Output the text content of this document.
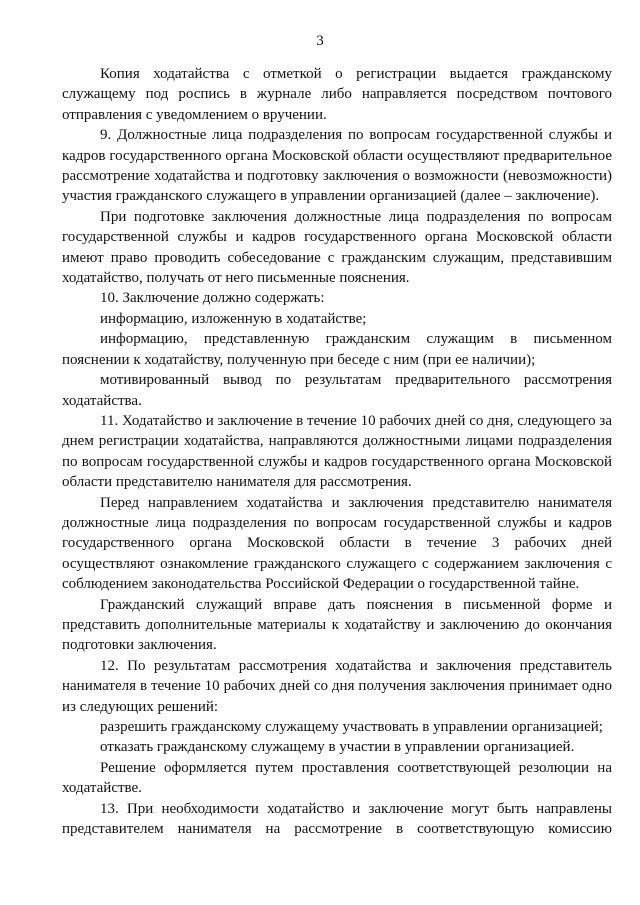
3

Копия ходатайства с отметкой о регистрации выдается гражданскому служащему под роспись в журнале либо направляется посредством почтового отправления с уведомлением о вручении.

9. Должностные лица подразделения по вопросам государственной службы и кадров государственного органа Московской области осуществляют предварительное рассмотрение ходатайства и подготовку заключения о возможности (невозможности) участия гражданского служащего в управлении организацией (далее – заключение).

При подготовке заключения должностные лица подразделения по вопросам государственной службы и кадров государственного органа Московской области имеют право проводить собеседование с гражданским служащим, представившим ходатайство, получать от него письменные пояснения.

10. Заключение должно содержать:

информацию, изложенную в ходатайстве;

информацию, представленную гражданским служащим в письменном пояснении к ходатайству, полученную при беседе с ним (при ее наличии);

мотивированный вывод по результатам предварительного рассмотрения ходатайства.

11. Ходатайство и заключение в течение 10 рабочих дней со дня, следующего за днем регистрации ходатайства, направляются должностными лицами подразделения по вопросам государственной службы и кадров государственного органа Московской области представителю нанимателя для рассмотрения.

Перед направлением ходатайства и заключения представителю нанимателя должностные лица подразделения по вопросам государственной службы и кадров государственного органа Московской области в течение 3 рабочих дней осуществляют ознакомление гражданского служащего с содержанием заключения с соблюдением законодательства Российской Федерации о государственной тайне.

Гражданский служащий вправе дать пояснения в письменной форме и представить дополнительные материалы к ходатайству и заключению до окончания подготовки заключения.

12. По результатам рассмотрения ходатайства и заключения представитель нанимателя в течение 10 рабочих дней со дня получения заключения принимает одно из следующих решений:

разрешить гражданскому служащему участвовать в управлении организацией;

отказать гражданскому служащему в участии в управлении организацией.

Решение оформляется путем проставления соответствующей резолюции на ходатайстве.

13. При необходимости ходатайство и заключение могут быть направлены представителем нанимателя на рассмотрение в соответствующую комиссию
